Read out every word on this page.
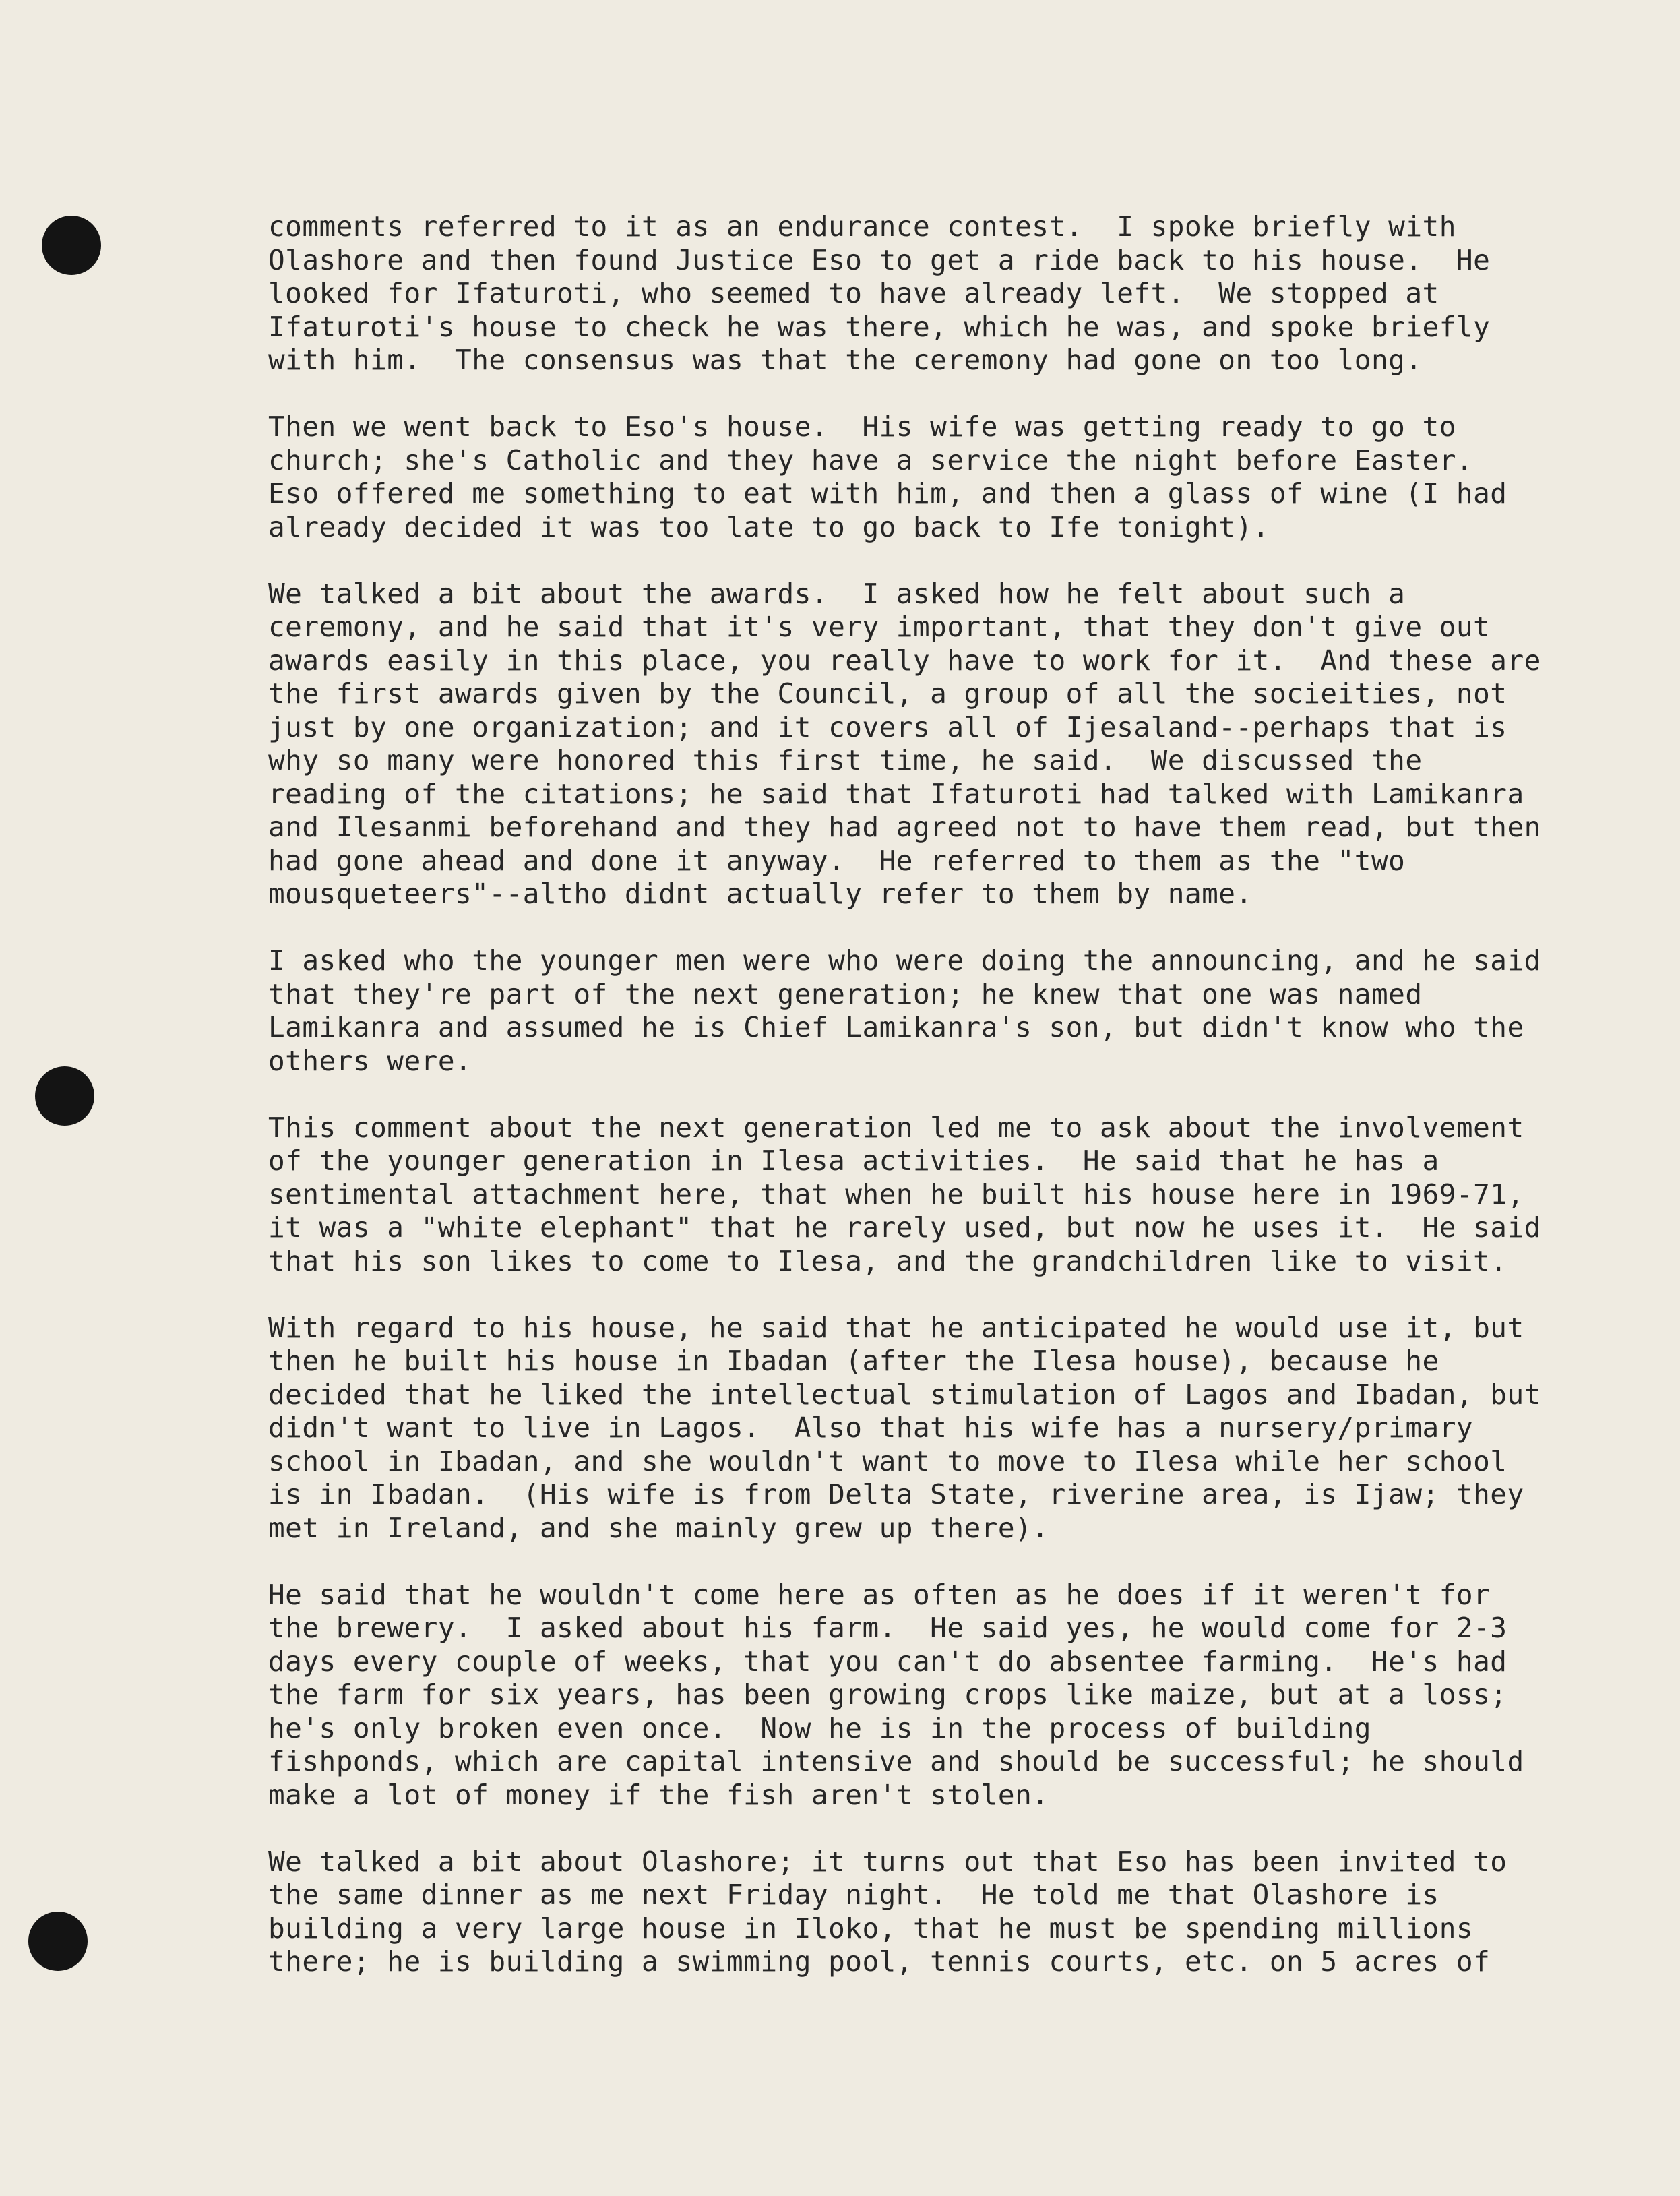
comments referred to it as an endurance contest.  I spoke briefly with
Olashore and then found Justice Eso to get a ride back to his house.  He
looked for Ifaturoti, who seemed to have already left.  We stopped at
Ifaturoti's house to check he was there, which he was, and spoke briefly
with him.  The consensus was that the ceremony had gone on too long.
Then we went back to Eso's house.  His wife was getting ready to go to
church; she's Catholic and they have a service the night before Easter.
Eso offered me something to eat with him, and then a glass of wine (I had
already decided it was too late to go back to Ife tonight).
We talked a bit about the awards.  I asked how he felt about such a
ceremony, and he said that it's very important, that they don't give out
awards easily in this place, you really have to work for it.  And these are
the first awards given by the Council, a group of all the socieities, not
just by one organization; and it covers all of Ijesaland--perhaps that is
why so many were honored this first time, he said.  We discussed the
reading of the citations; he said that Ifaturoti had talked with Lamikanra
and Ilesanmi beforehand and they had agreed not to have them read, but then
had gone ahead and done it anyway.  He referred to them as the "two
mousqueteers"--altho didnt actually refer to them by name.
I asked who the younger men were who were doing the announcing, and he said
that they're part of the next generation; he knew that one was named
Lamikanra and assumed he is Chief Lamikanra's son, but didn't know who the
others were.
This comment about the next generation led me to ask about the involvement
of the younger generation in Ilesa activities.  He said that he has a
sentimental attachment here, that when he built his house here in 1969-71,
it was a "white elephant" that he rarely used, but now he uses it.  He said
that his son likes to come to Ilesa, and the grandchildren like to visit.
With regard to his house, he said that he anticipated he would use it, but
then he built his house in Ibadan (after the Ilesa house), because he
decided that he liked the intellectual stimulation of Lagos and Ibadan, but
didn't want to live in Lagos.  Also that his wife has a nursery/primary
school in Ibadan, and she wouldn't want to move to Ilesa while her school
is in Ibadan.  (His wife is from Delta State, riverine area, is Ijaw; they
met in Ireland, and she mainly grew up there).
He said that he wouldn't come here as often as he does if it weren't for
the brewery.  I asked about his farm.  He said yes, he would come for 2-3
days every couple of weeks, that you can't do absentee farming.  He's had
the farm for six years, has been growing crops like maize, but at a loss;
he's only broken even once.  Now he is in the process of building
fishponds, which are capital intensive and should be successful; he should
make a lot of money if the fish aren't stolen.
We talked a bit about Olashore; it turns out that Eso has been invited to
the same dinner as me next Friday night.  He told me that Olashore is
building a very large house in Iloko, that he must be spending millions
there; he is building a swimming pool, tennis courts, etc. on 5 acres of
